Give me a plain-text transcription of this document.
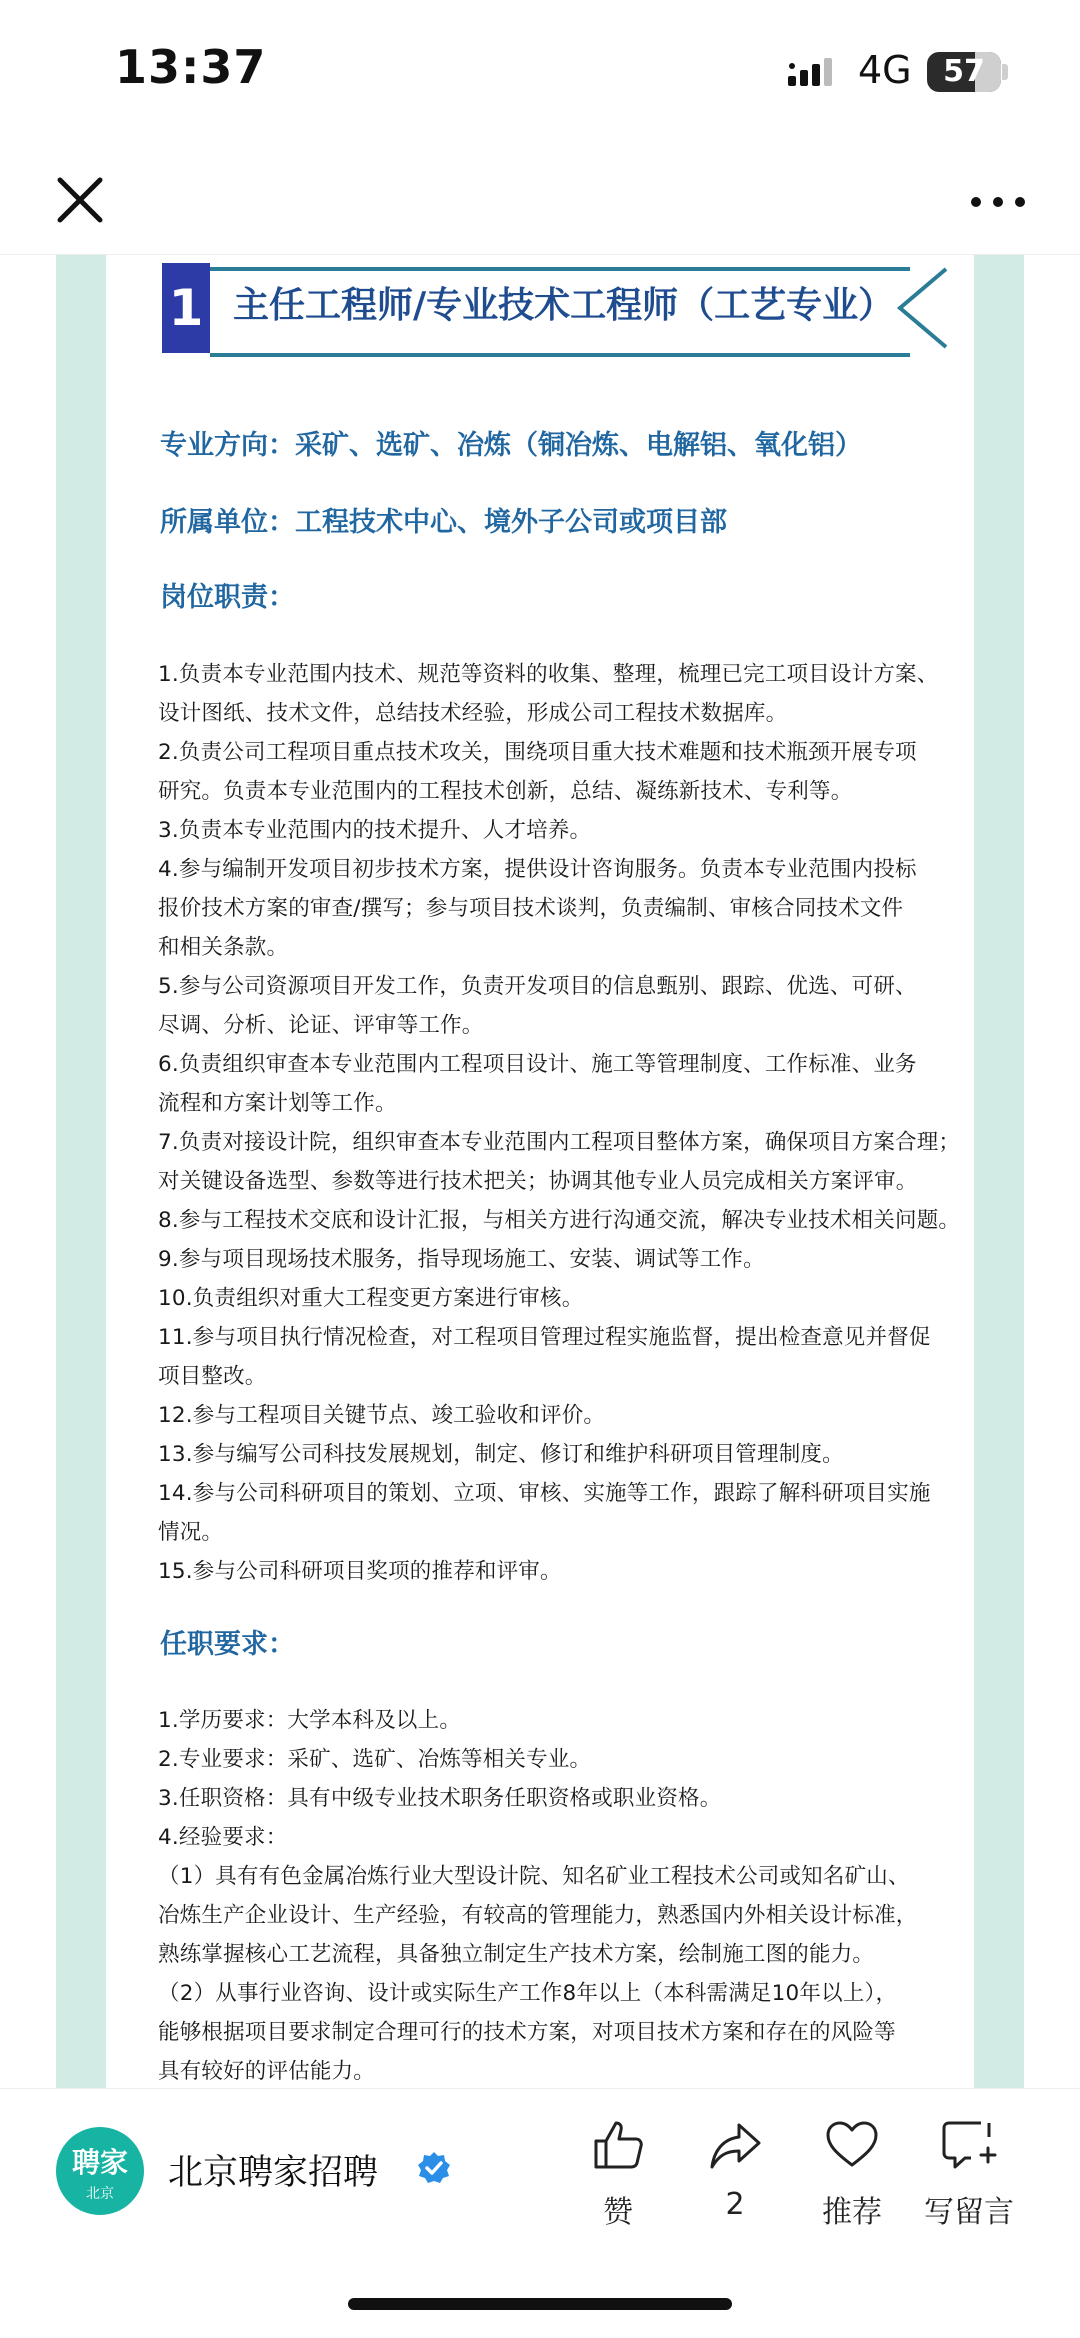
13:37	4G	57
1 主任工程师/专业技术工程师（工艺专业）
专业方向：采矿、选矿、冶炼（铜冶炼、电解铝、氧化铝）
所属单位：工程技术中心、境外子公司或项目部
岗位职责：
1.负责本专业范围内技术、规范等资料的收集、整理，梳理已完工项目设计方案、
设计图纸、技术文件，总结技术经验，形成公司工程技术数据库。
2.负责公司工程项目重点技术攻关，围绕项目重大技术难题和技术瓶颈开展专项
研究。负责本专业范围内的工程技术创新，总结、凝练新技术、专利等。
3.负责本专业范围内的技术提升、人才培养。
4.参与编制开发项目初步技术方案，提供设计咨询服务。负责本专业范围内投标
报价技术方案的审查/撰写；参与项目技术谈判，负责编制、审核合同技术文件
和相关条款。
5.参与公司资源项目开发工作，负责开发项目的信息甄别、跟踪、优选、可研、
尽调、分析、论证、评审等工作。
6.负责组织审查本专业范围内工程项目设计、施工等管理制度、工作标准、业务
流程和方案计划等工作。
7.负责对接设计院，组织审查本专业范围内工程项目整体方案，确保项目方案合理；
对关键设备选型、参数等进行技术把关；协调其他专业人员完成相关方案评审。
8.参与工程技术交底和设计汇报，与相关方进行沟通交流，解决专业技术相关问题。
9.参与项目现场技术服务，指导现场施工、安装、调试等工作。
10.负责组织对重大工程变更方案进行审核。
11.参与项目执行情况检查，对工程项目管理过程实施监督，提出检查意见并督促
项目整改。
12.参与工程项目关键节点、竣工验收和评价。
13.参与编写公司科技发展规划，制定、修订和维护科研项目管理制度。
14.参与公司科研项目的策划、立项、审核、实施等工作，跟踪了解科研项目实施
情况。
15.参与公司科研项目奖项的推荐和评审。
任职要求：
1.学历要求：大学本科及以上。
2.专业要求：采矿、选矿、冶炼等相关专业。
3.任职资格：具有中级专业技术职务任职资格或职业资格。
4.经验要求：
（1）具有有色金属冶炼行业大型设计院、知名矿业工程技术公司或知名矿山、
冶炼生产企业设计、生产经验，有较高的管理能力，熟悉国内外相关设计标准，
熟练掌握核心工艺流程，具备独立制定生产技术方案，绘制施工图的能力。
（2）从事行业咨询、设计或实际生产工作8年以上（本科需满足10年以上），
能够根据项目要求制定合理可行的技术方案，对项目技术方案和存在的风险等
具有较好的评估能力。
聘家
北京
北京聘家招聘
赞	2	推荐	写留言
